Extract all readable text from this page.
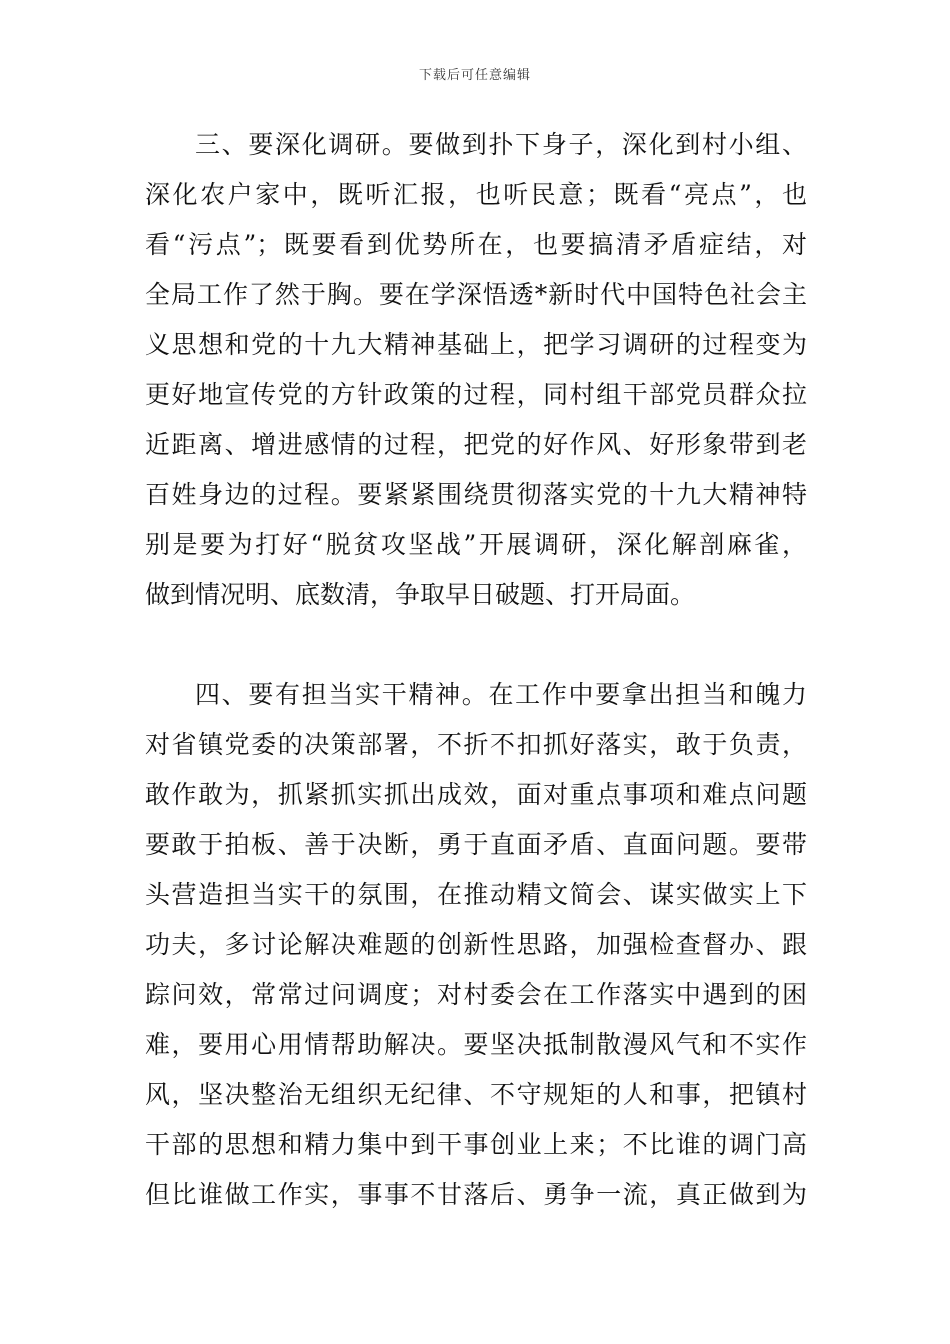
下载后可任意编辑
三、要深化调研。要做到扑下身子，深化到村小组、
深化农户家中，既听汇报，也听民意；既看“亮点”，也
看“污点”；既要看到优势所在，也要搞清矛盾症结，对
全局工作了然于胸。要在学深悟透*新时代中国特色社会主
义思想和党的十九大精神基础上，把学习调研的过程变为
更好地宣传党的方针政策的过程，同村组干部党员群众拉
近距离、增进感情的过程，把党的好作风、好形象带到老
百姓身边的过程。要紧紧围绕贯彻落实党的十九大精神特
别是要为打好“脱贫攻坚战”开展调研，深化解剖麻雀，
做到情况明、底数清，争取早日破题、打开局面。
四、要有担当实干精神。在工作中要拿出担当和魄力
对省镇党委的决策部署，不折不扣抓好落实，敢于负责，
敢作敢为，抓紧抓实抓出成效，面对重点事项和难点问题
要敢于拍板、善于决断，勇于直面矛盾、直面问题。要带
头营造担当实干的氛围，在推动精文简会、谋实做实上下
功夫，多讨论解决难题的创新性思路，加强检查督办、跟
踪问效，常常过问调度；对村委会在工作落实中遇到的困
难，要用心用情帮助解决。要坚决抵制散漫风气和不实作
风，坚决整治无组织无纪律、不守规矩的人和事，把镇村
干部的思想和精力集中到干事创业上来；不比谁的调门高
但比谁做工作实，事事不甘落后、勇争一流，真正做到为
